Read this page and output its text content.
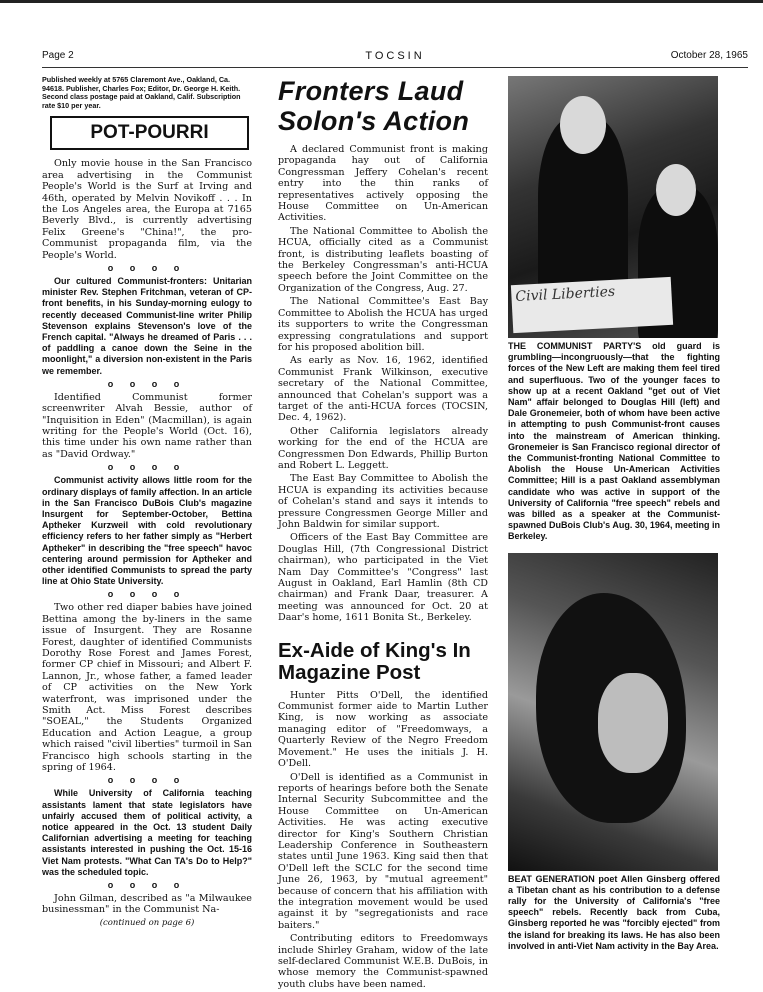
Page 2	TOCSIN	October 28, 1965
Published weekly at 5765 Claremont Ave., Oakland, Ca. 94618. Publisher, Charles Fox; Editor, Dr. George H. Keith. Second class postage paid at Oakland, Calif. Subscription rate $10 per year.
POT-POURRI

Only movie house in the San Francisco area advertising in the Communist People's World is the Surf at Irving and 46th, operated by Melvin Novikoff . . . In the Los Angeles area, the Europa at 7165 Beverly Blvd., is currently advertising Felix Greene's "China!", the pro-Communist propaganda film, via the People's World.

o o o o

Our cultured Communist-fronters: Unitarian minister Rev. Stephen Fritchman, veteran of CP-front benefits, in his Sunday-morning eulogy to recently deceased Communist-line writer Philip Stevenson explains Stevenson's love of the French capital. "Always he dreamed of Paris . . . of paddling a canoe down the Seine in the moonlight," a diversion non-existent in the Paris we remember.

o o o o

Identified Communist former screenwriter Alvah Bessie, author of "Inquisition in Eden" (Macmillan), is again writing for the People's World (Oct. 16), this time under his own name rather than as "David Ordway."

o o o o

Communist activity allows little room for the ordinary displays of family affection. In an article in the San Francisco DuBois Club's magazine Insurgent for September-October, Bettina Aptheker Kurzweil with cold revolutionary efficiency refers to her father simply as "Herbert Aptheker" in describing the "free speech" havoc centering around permission for Aptheker and other identified Communists to spread the party line at Ohio State University.

o o o o

Two other red diaper babies have joined Bettina among the by-liners in the same issue of Insurgent. They are Rosanne Forest, daughter of identified Communists Dorothy Rose Forest and James Forest, former CP chief in Missouri; and Albert F. Lannon, Jr., whose father, a famed leader of CP activities on the New York waterfront, was imprisoned under the Smith Act. Miss Forest describes "SOEAL," the Students Organized Education and Action League, a group which raised "civil liberties" turmoil in San Francisco high schools starting in the spring of 1964.

o o o o

While University of California teaching assistants lament that state legislators have unfairly accused them of political activity, a notice appeared in the Oct. 13 student Daily Californian advertising a meeting for teaching assistants interested in pushing the Oct. 15-16 Viet Nam protests. "What Can TA's Do to Help?" was the scheduled topic.

o o o o

John Gilman, described as "a Milwaukee businessman" in the Communist Na-

(continued on page 6)
Fronters Laud Solon's Action

A declared Communist front is making propaganda hay out of California Congressman Jeffery Cohelan's recent entry into the thin ranks of representatives actively opposing the House Committee on Un-American Activities.

The National Committee to Abolish the HCUA, officially cited as a Communist front, is distributing leaflets boasting of the Berkeley Congressman's anti-HCUA speech before the Joint Committee on the Organization of the Congress, Aug. 27.

The National Committee's East Bay Committee to Abolish the HCUA has urged its supporters to write the Congressman expressing congratulations and support for his proposed abolition bill.

As early as Nov. 16, 1962, identified Communist Frank Wilkinson, executive secretary of the National Committee, announced that Cohelan's support was a target of the anti-HCUA forces (TOCSIN, Dec. 4, 1962).

Other California legislators already working for the end of the HCUA are Congressmen Don Edwards, Phillip Burton and Robert L. Leggett.

The East Bay Committee to Abolish the HCUA is expanding its activities because of Cohelan's stand and says it intends to pressure Congressmen George Miller and John Baldwin for similar support.

Officers of the East Bay Committee are Douglas Hill, (7th Congressional District chairman), who participated in the Viet Nam Day Committee's "Congress" last August in Oakland, Earl Hamlin (8th CD chairman) and Frank Daar, treasurer. A meeting was announced for Oct. 20 at Daar's home, 1611 Bonita St., Berkeley.

Ex-Aide of King's In Magazine Post

Hunter Pitts O'Dell, the identified Communist former aide to Martin Luther King, is now working as associate managing editor of "Freedomways, a Quarterly Review of the Negro Freedom Movement." He uses the initials J. H. O'Dell.

O'Dell is identified as a Communist in reports of hearings before both the Senate Internal Security Subcommittee and the House Committee on Un-American Activities. He was acting executive director for King's Southern Christian Leadership Conference in Southeastern states until June 1963. King said then that O'Dell left the SCLC for the second time June 26, 1963, by "mutual agreement" because of concern that his affiliation with the integration movement would be used against it by "segregationists and race baiters."

Contributing editors to Freedomways include Shirley Graham, widow of the late self-declared Communist W.E.B. DuBois, in whose memory the Communist-spawned youth clubs have been named.

Civil Liberties
THE COMMUNIST PARTY'S old guard is grumbling—incongruously—that the fighting forces of the New Left are making them feel tired and superfluous. Two of the younger faces to show up at a recent Oakland "get out of Viet Nam" affair belonged to Douglas Hill (left) and Dale Gronemeier, both of whom have been active in attempting to push Communist-front causes into the mainstream of American thinking. Gronemeier is San Francisco regional director of the Communist-fronting National Committee to Abolish the House Un-American Activities Committee; Hill is a past Oakland assemblyman candidate who was active in support of the University of California "free speech" rebels and was billed as a speaker at the Communist-spawned DuBois Club's Aug. 30, 1964, meeting in Berkeley.
BEAT GENERATION poet Allen Ginsberg offered a Tibetan chant as his contribution to a defense rally for the University of California's "free speech" rebels. Recently back from Cuba, Ginsberg reported he was "forcibly ejected" from the island for breaking its laws. He has also been involved in anti-Viet Nam activity in the Bay Area.
